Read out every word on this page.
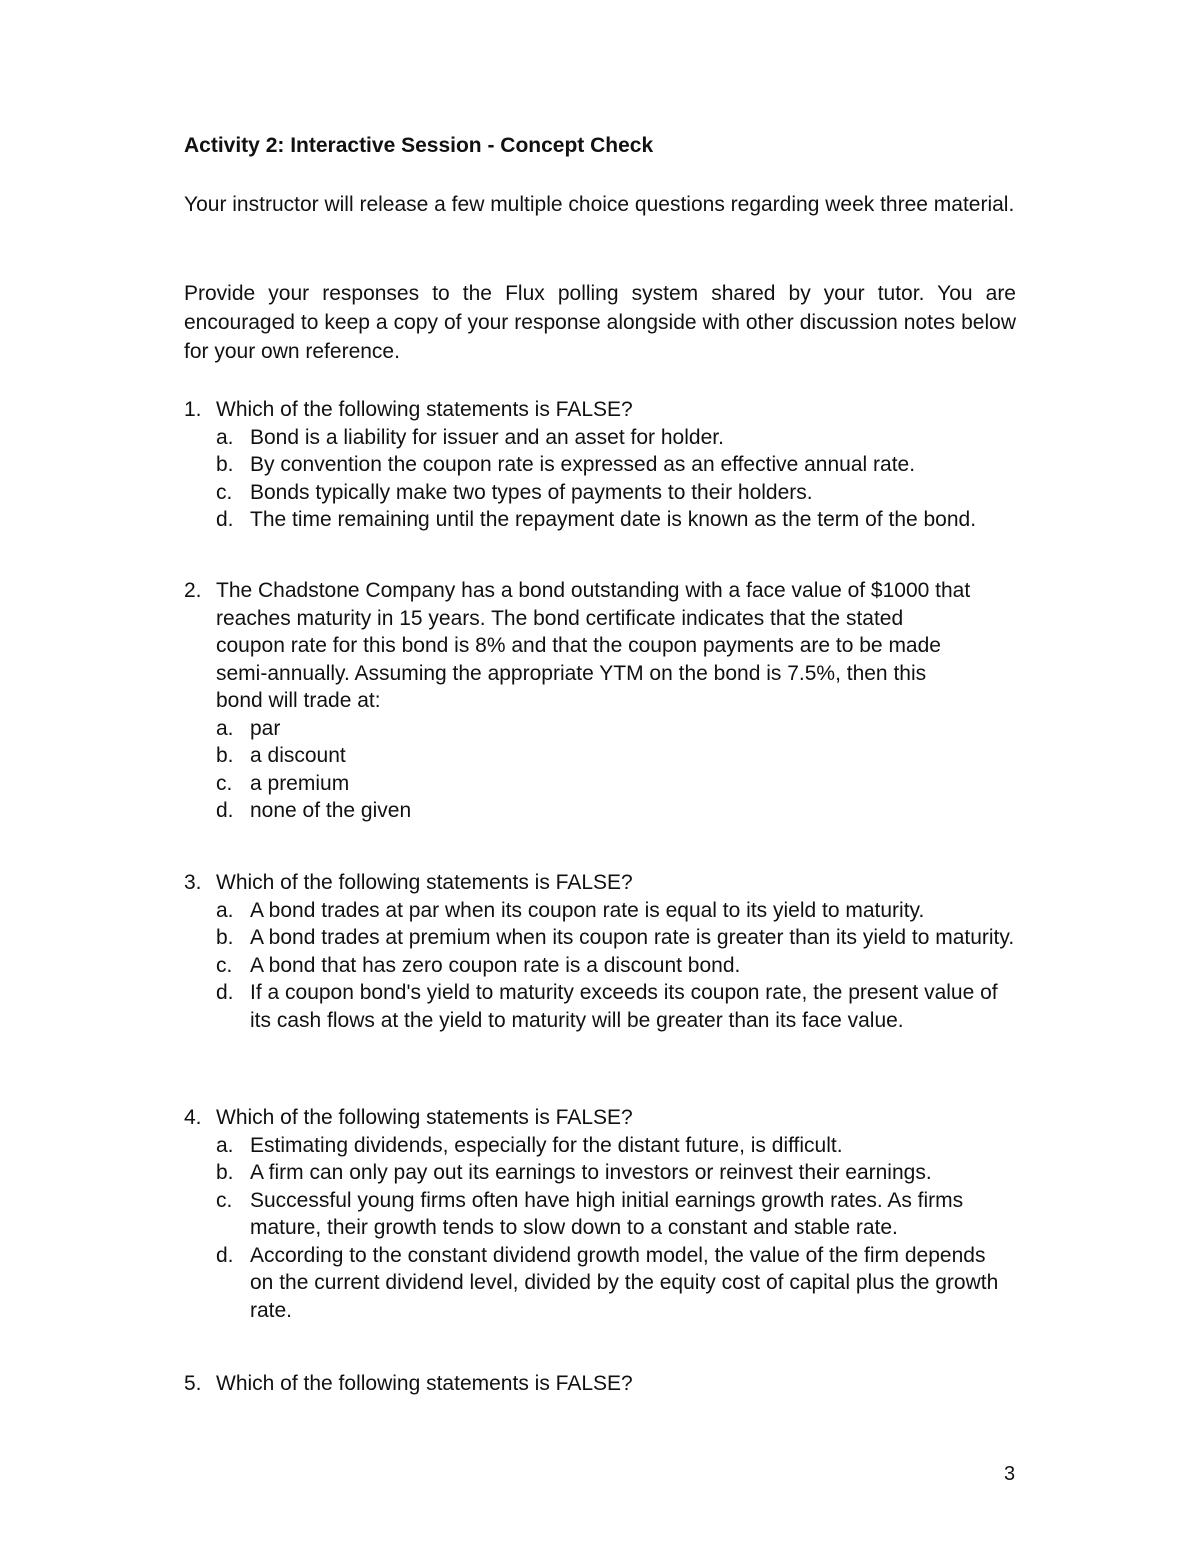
Activity 2: Interactive Session - Concept Check

Your instructor will release a few multiple choice questions regarding week three material.

Provide your responses to the Flux polling system shared by your tutor. You are encouraged to keep a copy of your response alongside with other discussion notes below for your own reference.

1. Which of the following statements is FALSE?
a. Bond is a liability for issuer and an asset for holder.
b. By convention the coupon rate is expressed as an effective annual rate.
c. Bonds typically make two types of payments to their holders.
d. The time remaining until the repayment date is known as the term of the bond.
2. The Chadstone Company has a bond outstanding with a face value of $1000 that reaches maturity in 15 years. The bond certificate indicates that the stated coupon rate for this bond is 8% and that the coupon payments are to be made semi-annually. Assuming the appropriate YTM on the bond is 7.5%, then this bond will trade at:
a. par
b. a discount
c. a premium
d. none of the given
3. Which of the following statements is FALSE?
a. A bond trades at par when its coupon rate is equal to its yield to maturity.
b. A bond trades at premium when its coupon rate is greater than its yield to maturity.
c. A bond that has zero coupon rate is a discount bond.
d. If a coupon bond's yield to maturity exceeds its coupon rate, the present value of its cash flows at the yield to maturity will be greater than its face value.
4. Which of the following statements is FALSE?
a. Estimating dividends, especially for the distant future, is difficult.
b. A firm can only pay out its earnings to investors or reinvest their earnings.
c. Successful young firms often have high initial earnings growth rates. As firms mature, their growth tends to slow down to a constant and stable rate.
d. According to the constant dividend growth model, the value of the firm depends on the current dividend level, divided by the equity cost of capital plus the growth rate.
5. Which of the following statements is FALSE?
3
